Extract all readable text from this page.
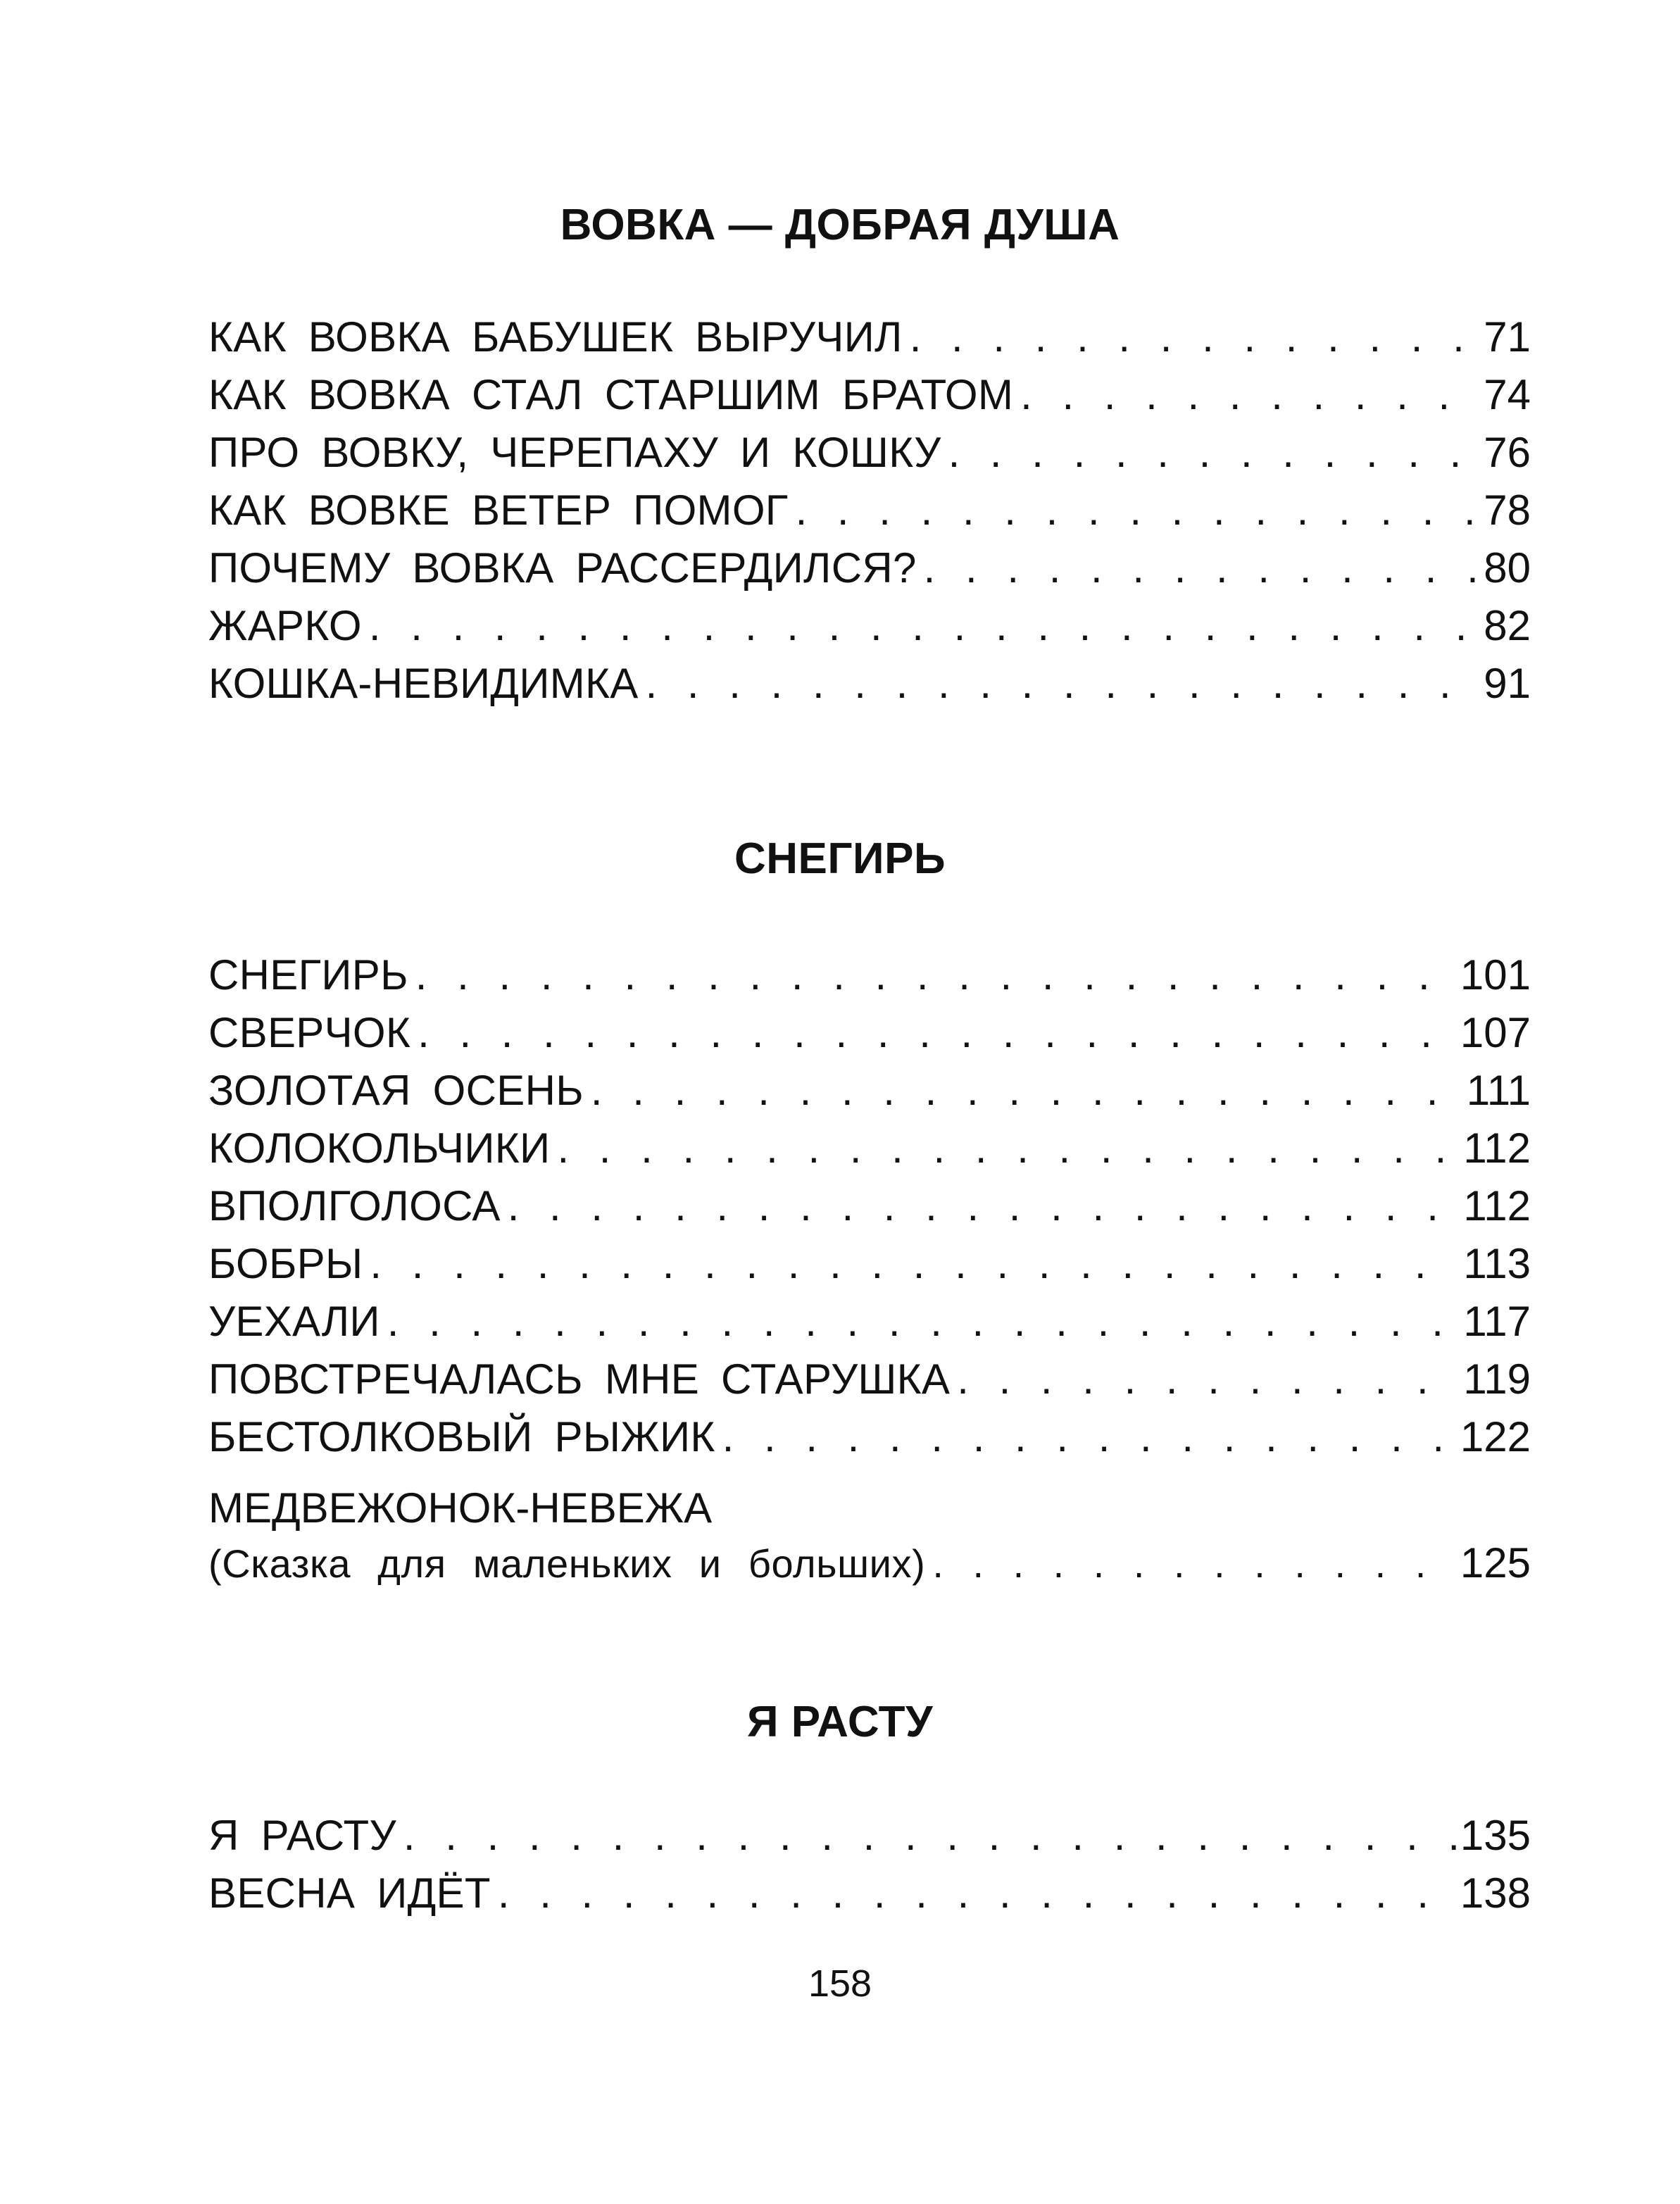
ВОВКА — ДОБРАЯ ДУША
КАК ВОВКА БАБУШЕК ВЫРУЧИЛ . . .	71
КАК ВОВКА СТАЛ СТАРШИМ БРАТОМ . . .	74
ПРО ВОВКУ, ЧЕРЕПАХУ И КОШКУ . . .	76
КАК ВОВКЕ ВЕТЕР ПОМОГ . . .	78
ПОЧЕМУ ВОВКА РАССЕРДИЛСЯ? . . .	80
ЖАРКО . . .	82
КОШКА-НЕВИДИМКА . . .	91
СНЕГИРЬ
СНЕГИРЬ . . .	101
СВЕРЧОК . . .	107
ЗОЛОТАЯ ОСЕНЬ . . .	111
КОЛОКОЛЬЧИКИ . . .	112
ВПОЛГОЛОСА . . .	112
БОБРЫ . . .	113
УЕХАЛИ . . .	117
ПОВСТРЕЧАЛАСЬ МНЕ СТАРУШКА . . .	119
БЕСТОЛКОВЫЙ РЫЖИК . . .	122
МЕДВЕЖОНОК-НЕВЕЖА
(Сказка для маленьких и больших) . . .	125
Я РАСТУ
Я РАСТУ . . .	135
ВЕСНА ИДЁТ . . .	138
158
